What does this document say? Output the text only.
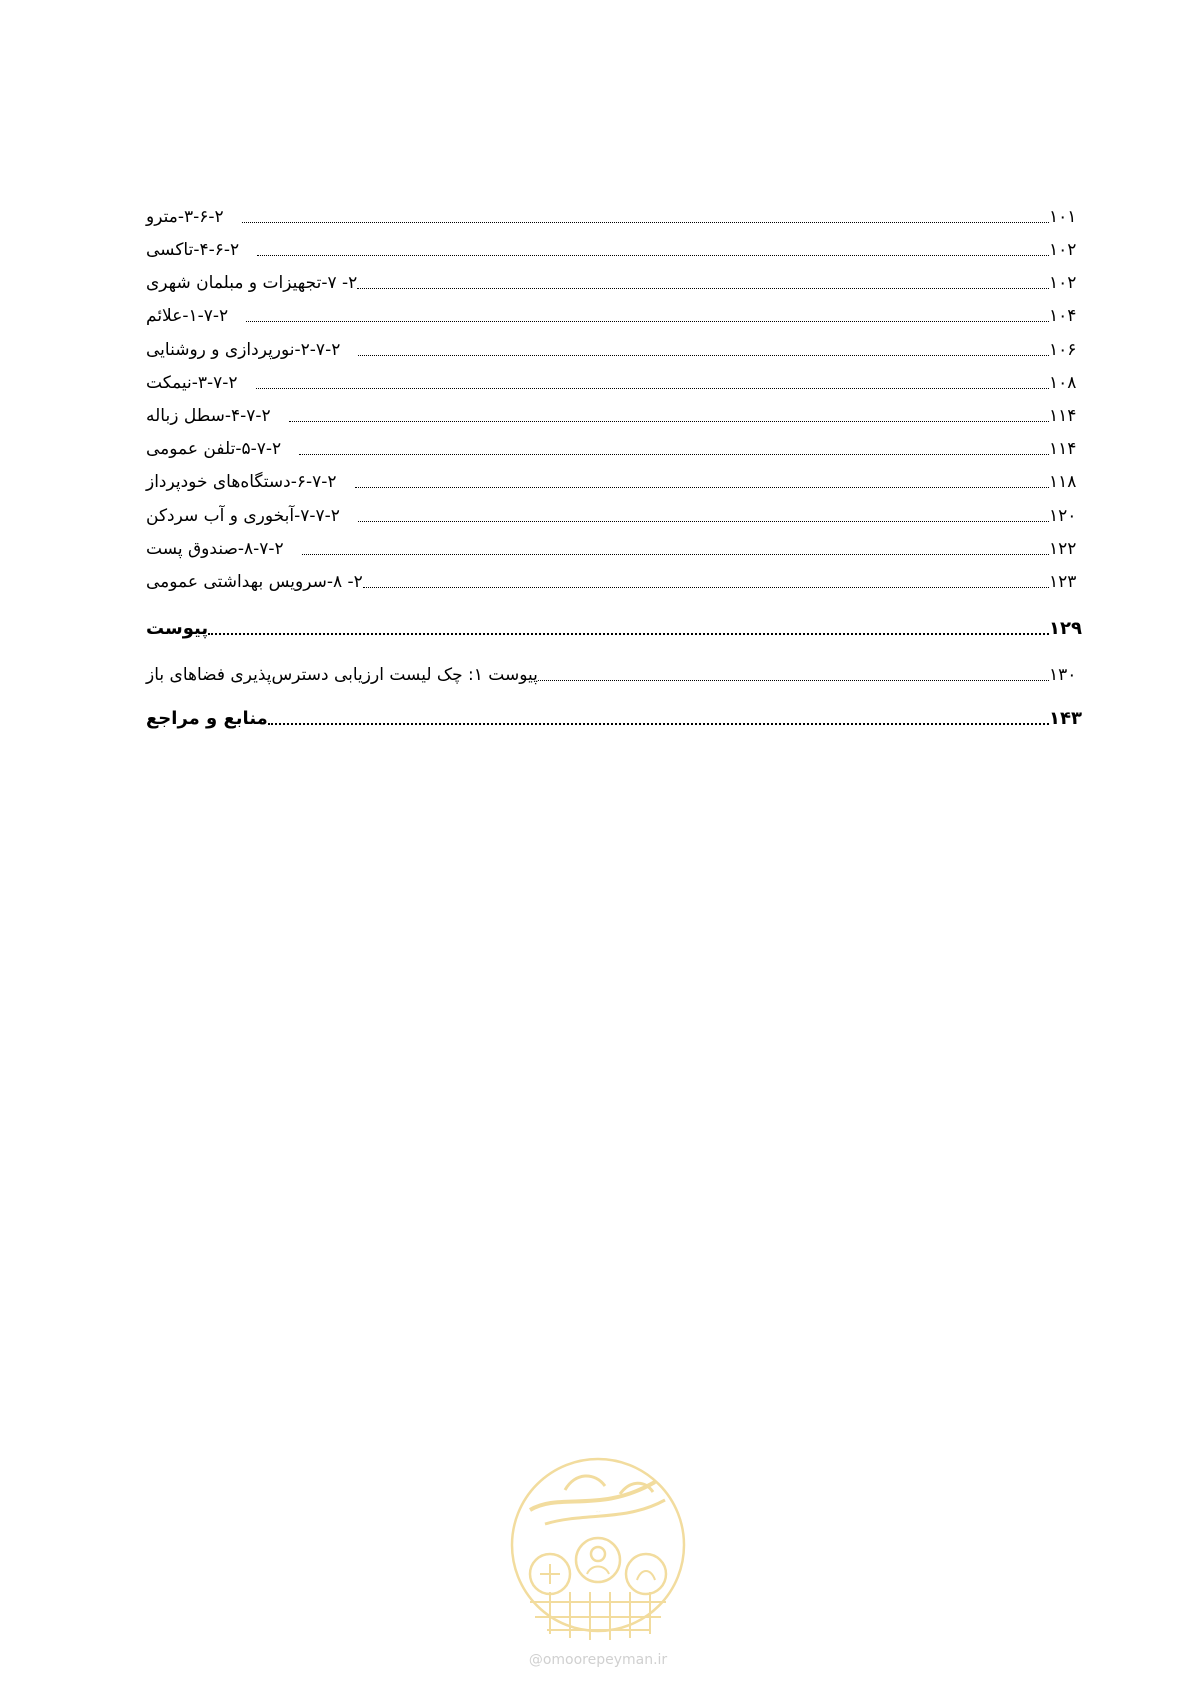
۳-۶-۲-مترو	۱۰۱
۴-۶-۲-تاکسی	۱۰۲
۲- ۷-تجهیزات و مبلمان شهری	۱۰۲
۱-۷-۲-علائم	۱۰۴
۲-۷-۲-نورپردازی و روشنایی	۱۰۶
۳-۷-۲-نیمکت	۱۰۸
۴-۷-۲-سطل زباله	۱۱۴
۵-۷-۲-تلفن عمومی	۱۱۴
۶-۷-۲-دستگاه‌های خودپرداز	۱۱۸
۷-۷-۲-آبخوری و آب سردکن	۱۲۰
۸-۷-۲-صندوق پست	۱۲۲
۲- ۸-سرویس بهداشتی عمومی	۱۲۳
پیوست	۱۲۹
پیوست ۱: چک لیست ارزیابی دسترس‌پذیری فضاهای باز	۱۳۰
منابع و مراجع	۱۴۳
امور پیمان
@omoorepeyman.ir
